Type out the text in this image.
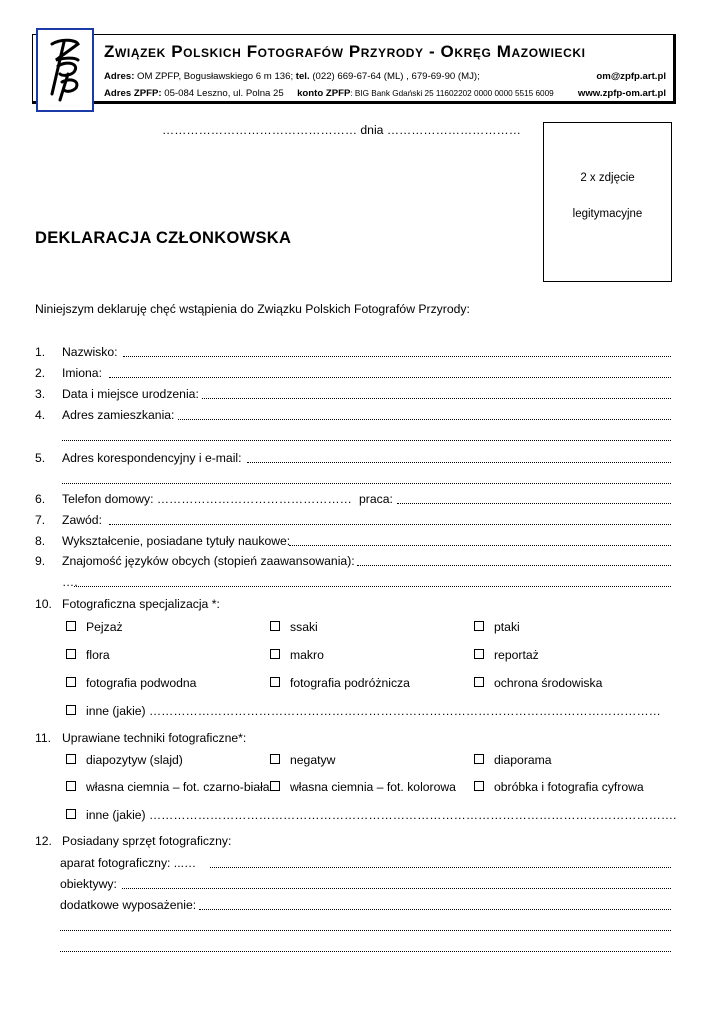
Związek Polskich Fotografów Przyrody - Okręg Mazowiecki
Adres: OM ZPFP, Bogusławskiego 6 m 136; tel. (022) 669-67-64 (ML) , 679-69-90 (MJ);	om@zpfp.art.pl
Adres ZPFP: 05-084 Leszno, ul. Polna 25 konto ZPFP: BIG Bank Gdański 25 11602202 0000 0000 5515 6009	www.zpfp-om.art.pl
………………………………………… dnia ……………………………
2 x zdjęcie
legitymacyjne
DEKLARACJA CZŁONKOWSKA
Niniejszym deklaruję chęć wstąpienia do Związku Polskich Fotografów Przyrody:
1. Nazwisko:
2. Imiona:
3. Data i miejsce urodzenia:
4. Adres zamieszkania:
5. Adres korespondencyjny i e-mail:
6. Telefon domowy: ………………………………………… praca:
7. Zawód:
8. Wykształcenie, posiadane tytuły naukowe:
9. Znajomość języków obcych (stopień zaawansowania):
….
10. Fotograficzna specjalizacja *:
Pejzaż	ssaki	ptaki
flora	makro	reportaż
fotografia podwodna	fotografia podróżnicza	ochrona środowiska
inne (jakie) ………………………………………………………………………………………………………………
11. Uprawiane techniki fotograficzne*:
diapozytyw (slajd)	negatyw	diaporama
własna ciemnia – fot. czarno-biała	własna ciemnia – fot. kolorowa	obróbka i fotografia cyfrowa
inne (jakie) ………………………………………………………………………………………………………………….
12. Posiadany sprzęt fotograficzny:
aparat fotograficzny: ...…
obiektywy:
dodatkowe wyposażenie:
